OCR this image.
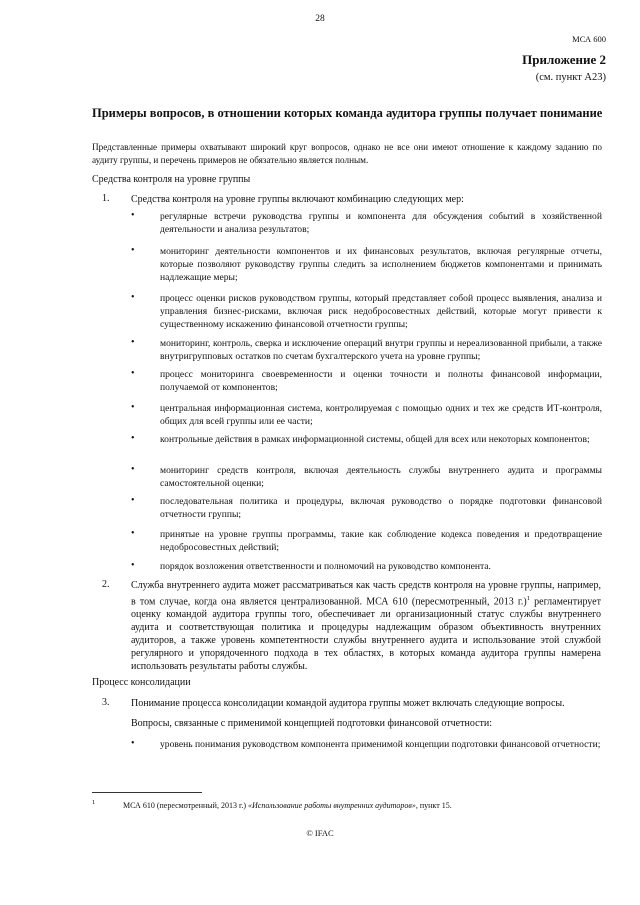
28
МСА 600
Приложение 2
(см. пункт A23)
Примеры вопросов, в отношении которых команда аудитора группы получает понимание
Представленные примеры охватывают широкий круг вопросов, однако не все они имеют отношение к каждому заданию по аудиту группы, и перечень примеров не обязательно является полным.
Средства контроля на уровне группы
1. Средства контроля на уровне группы включают комбинацию следующих мер:
•	регулярные встречи руководства группы и компонента для обсуждения событий в хозяйственной деятельности и анализа результатов;
•	мониторинг деятельности компонентов и их финансовых результатов, включая регулярные отчеты, которые позволяют руководству группы следить за исполнением бюджетов компонентами и принимать надлежащие меры;
•	процесс оценки рисков руководством группы, который представляет собой процесс выявления, анализа и управления бизнес-рисками, включая риск недобросовестных действий, которые могут привести к существенному искажению финансовой отчетности группы;
•	мониторинг, контроль, сверка и исключение операций внутри группы и нереализованной прибыли, а также внутригрупповых остатков по счетам бухгалтерского учета на уровне группы;
•	процесс мониторинга своевременности и оценки точности и полноты финансовой информации, получаемой от компонентов;
•	центральная информационная система, контролируемая с помощью одних и тех же средств ИТ-контроля, общих для всей группы или ее части;
•	контрольные действия в рамках информационной системы, общей для всех или некоторых компонентов;
•	мониторинг средств контроля, включая деятельность службы внутреннего аудита и программы самостоятельной оценки;
•	последовательная политика и процедуры, включая руководство о порядке подготовки финансовой отчетности группы;
•	принятые на уровне группы программы, такие как соблюдение кодекса поведения и предотвращение недобросовестных действий;
•	порядок возложения ответственности и полномочий на руководство компонента.
2. Служба внутреннего аудита может рассматриваться как часть средств контроля на уровне группы, например, в том случае, когда она является централизованной. МСА 610 (пересмотренный, 2013 г.)$^1$ регламентирует оценку командой аудитора группы того, обеспечивает ли организационный статус службы внутреннего аудита и соответствующая политика и процедуры надлежащим образом объективность внутренних аудиторов, а также уровень компетентности службы внутреннего аудита и использование этой службой регулярного и упорядоченного подхода в тех областях, в которых команда аудитора группы намерена использовать результаты работы службы.
Процесс консолидации
3. Понимание процесса консолидации командой аудитора группы может включать следующие вопросы.
Вопросы, связанные с применимой концепцией подготовки финансовой отчетности:
•	уровень понимания руководством компонента применимой концепции подготовки финансовой отчетности;
1	МСА 610 (пересмотренный, 2013 г.) «Использование работы внутренних аудиторов», пункт 15.
© IFAC
